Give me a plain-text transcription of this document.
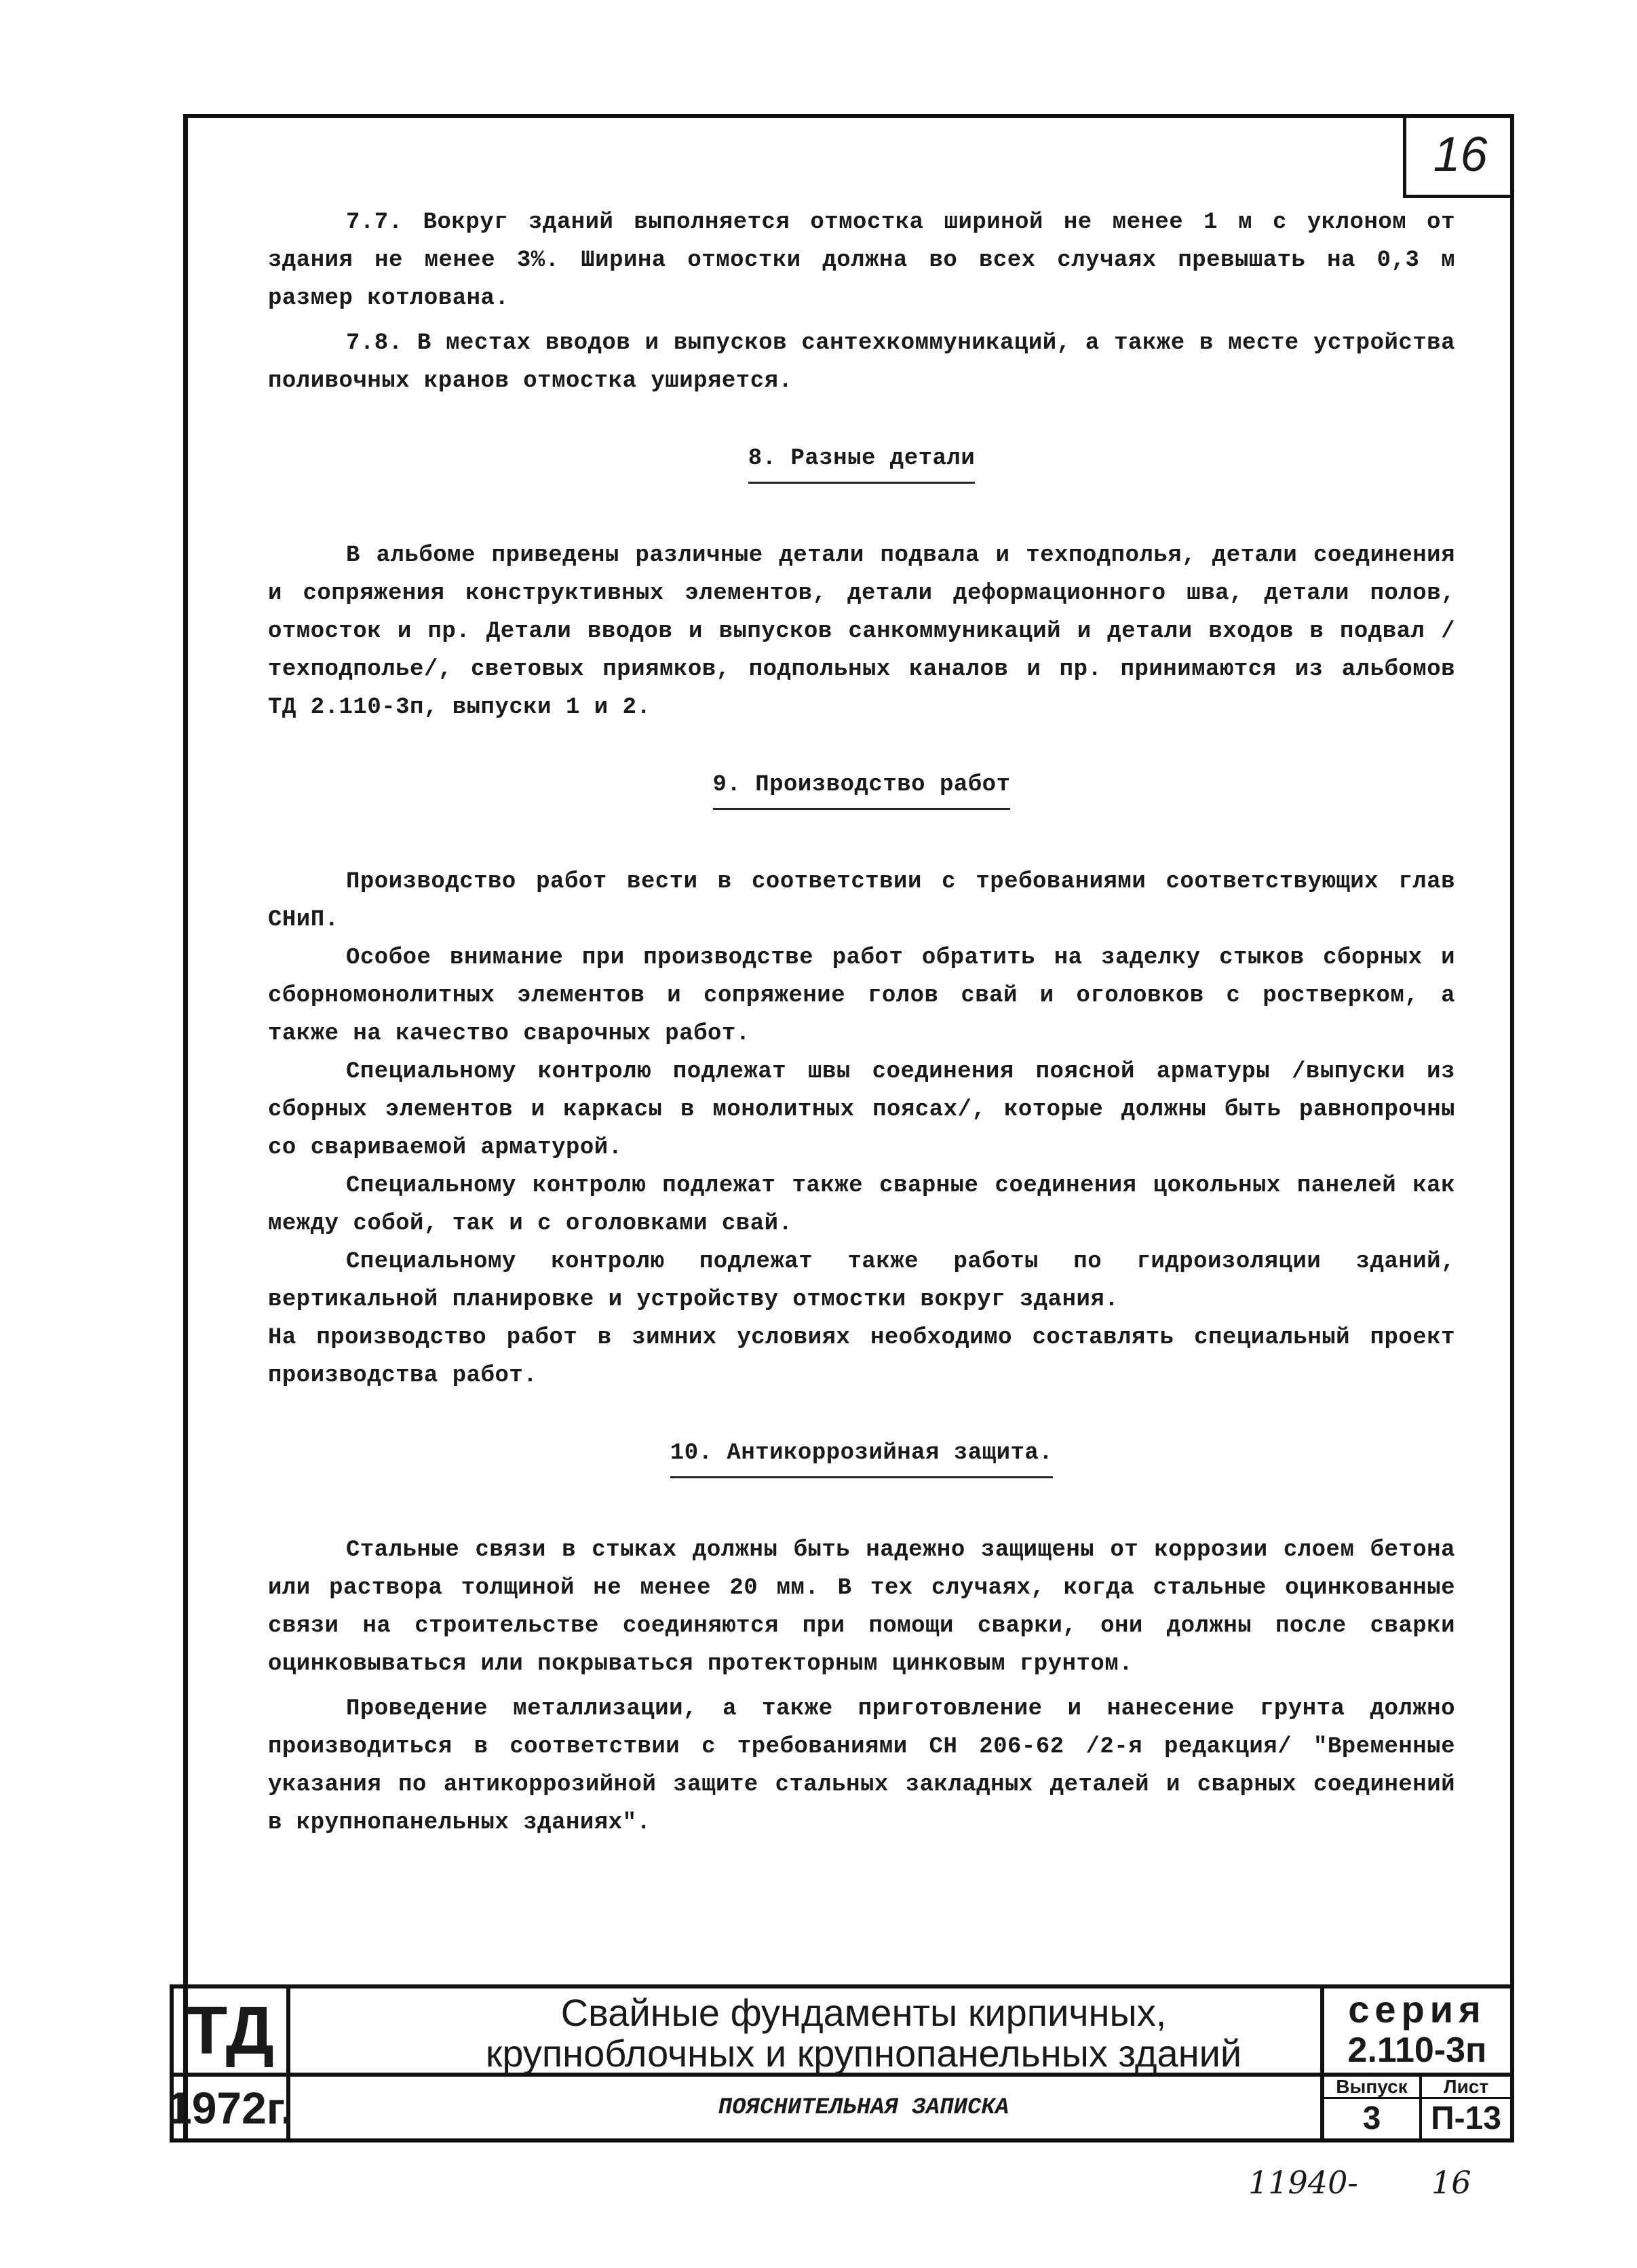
16

7.7. Вокруг зданий выполняется отмостка шириной не менее 1 м с уклоном от здания не менее 3%. Ширина отмостки должна во всех случаях превышать на 0,3 м размер котлована.

7.8. В местах вводов и выпусков сантехкоммуникаций, а также в месте устройства поливочных кранов отмостка уширяется.

8. Разные детали

В альбоме приведены различные детали подвала и техподполья, детали соединения и сопряжения конструктивных элементов, детали деформационного шва, детали полов, отмосток и пр. Детали вводов и выпусков санкоммуникаций и детали входов в подвал /техподполье/, световых приямков, подпольных каналов и пр. принимаются из альбомов ТД 2.110-3п, выпуски 1 и 2.

9. Производство работ

Производство работ вести в соответствии с требованиями соответствующих глав СНиП.

Особое внимание при производстве работ обратить на заделку стыков сборных и сборномонолитных элементов и сопряжение голов свай и оголовков с ростверком, а также на качество сварочных работ.

Специальному контролю подлежат швы соединения поясной арматуры /выпуски из сборных элементов и каркасы в монолитных поясах/, которые должны быть равнопрочны со свариваемой арматурой.

Специальному контролю подлежат также сварные соединения цокольных панелей как между собой, так и с оголовками свай.

Специальному контролю подлежат также работы по гидроизоляции зданий, вертикальной планировке и устройству отмостки вокруг здания.

На производство работ в зимних условиях необходимо составлять специальный проект производства работ.

10. Антикоррозийная защита.

Стальные связи в стыках должны быть надежно защищены от коррозии слоем бетона или раствора толщиной не менее 20 мм. В тех случаях, когда стальные оцинкованные связи на строительстве соединяются при помощи сварки, они должны после сварки оцинковываться или покрываться протекторным цинковым грунтом.

Проведение металлизации, а также приготовление и нанесение грунта должно производиться в соответствии с требованиями СН 206-62 /2-я редакция/ "Временные указания по антикоррозийной защите стальных закладных деталей и сварных соединений в крупнопанельных зданиях".

ТД
1972г.
Свайные фундаменты кирпичных,
крупноблочных и крупнопанельных зданий
ПОЯСНИТЕЛЬНАЯ ЗАПИСКА
серия
2.110-3п
Выпуск
3
Лист
П-13
11940- 16
